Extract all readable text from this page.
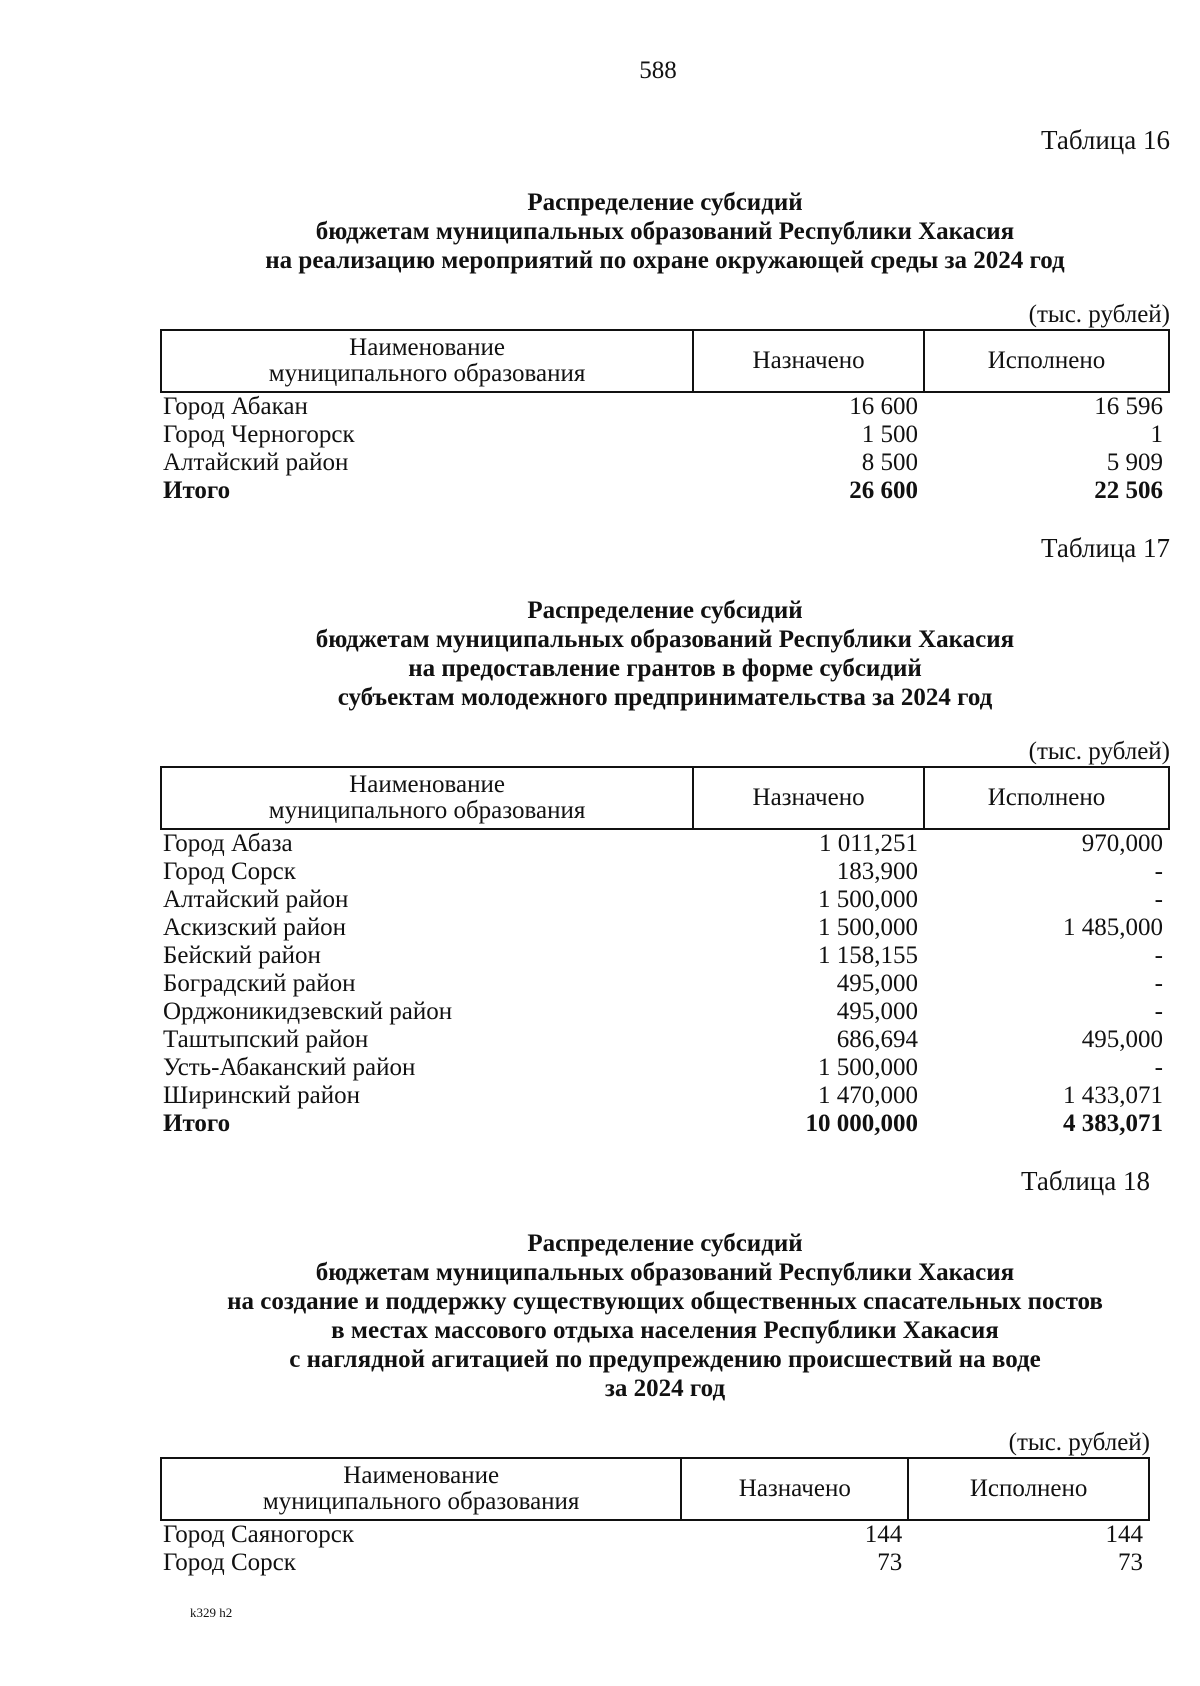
588
Таблица 16
Распределение субсидий
бюджетам муниципальных образований Республики Хакасия
на реализацию мероприятий по охране окружающей среды за 2024 год
(тыс. рублей)
Наименование
муниципального образования	Назначено	Исполнено
Город Абакан	16 600	16 596
Город Черногорск	1 500	1
Алтайский район	8 500	5 909
Итого	26 600	22 506
Таблица 17
Распределение субсидий
бюджетам муниципальных образований Республики Хакасия
на предоставление грантов в форме субсидий
субъектам молодежного предпринимательства за 2024 год
(тыс. рублей)
Наименование
муниципального образования	Назначено	Исполнено
Город Абаза	1 011,251	970,000
Город Сорск	183,900	-
Алтайский район	1 500,000	-
Аскизский район	1 500,000	1 485,000
Бейский район	1 158,155	-
Боградский район	495,000	-
Орджоникидзевский район	495,000	-
Таштыпский район	686,694	495,000
Усть-Абаканский район	1 500,000	-
Ширинский район	1 470,000	1 433,071
Итого	10 000,000	4 383,071
Таблица 18
Распределение субсидий
бюджетам муниципальных образований Республики Хакасия
на создание и поддержку существующих общественных спасательных постов
в местах массового отдыха населения Республики Хакасия
с наглядной агитацией по предупреждению происшествий на воде
за 2024 год
(тыс. рублей)
Наименование
муниципального образования	Назначено	Исполнено
Город Саяногорск	144	144
Город Сорск	73	73
k329 h2
